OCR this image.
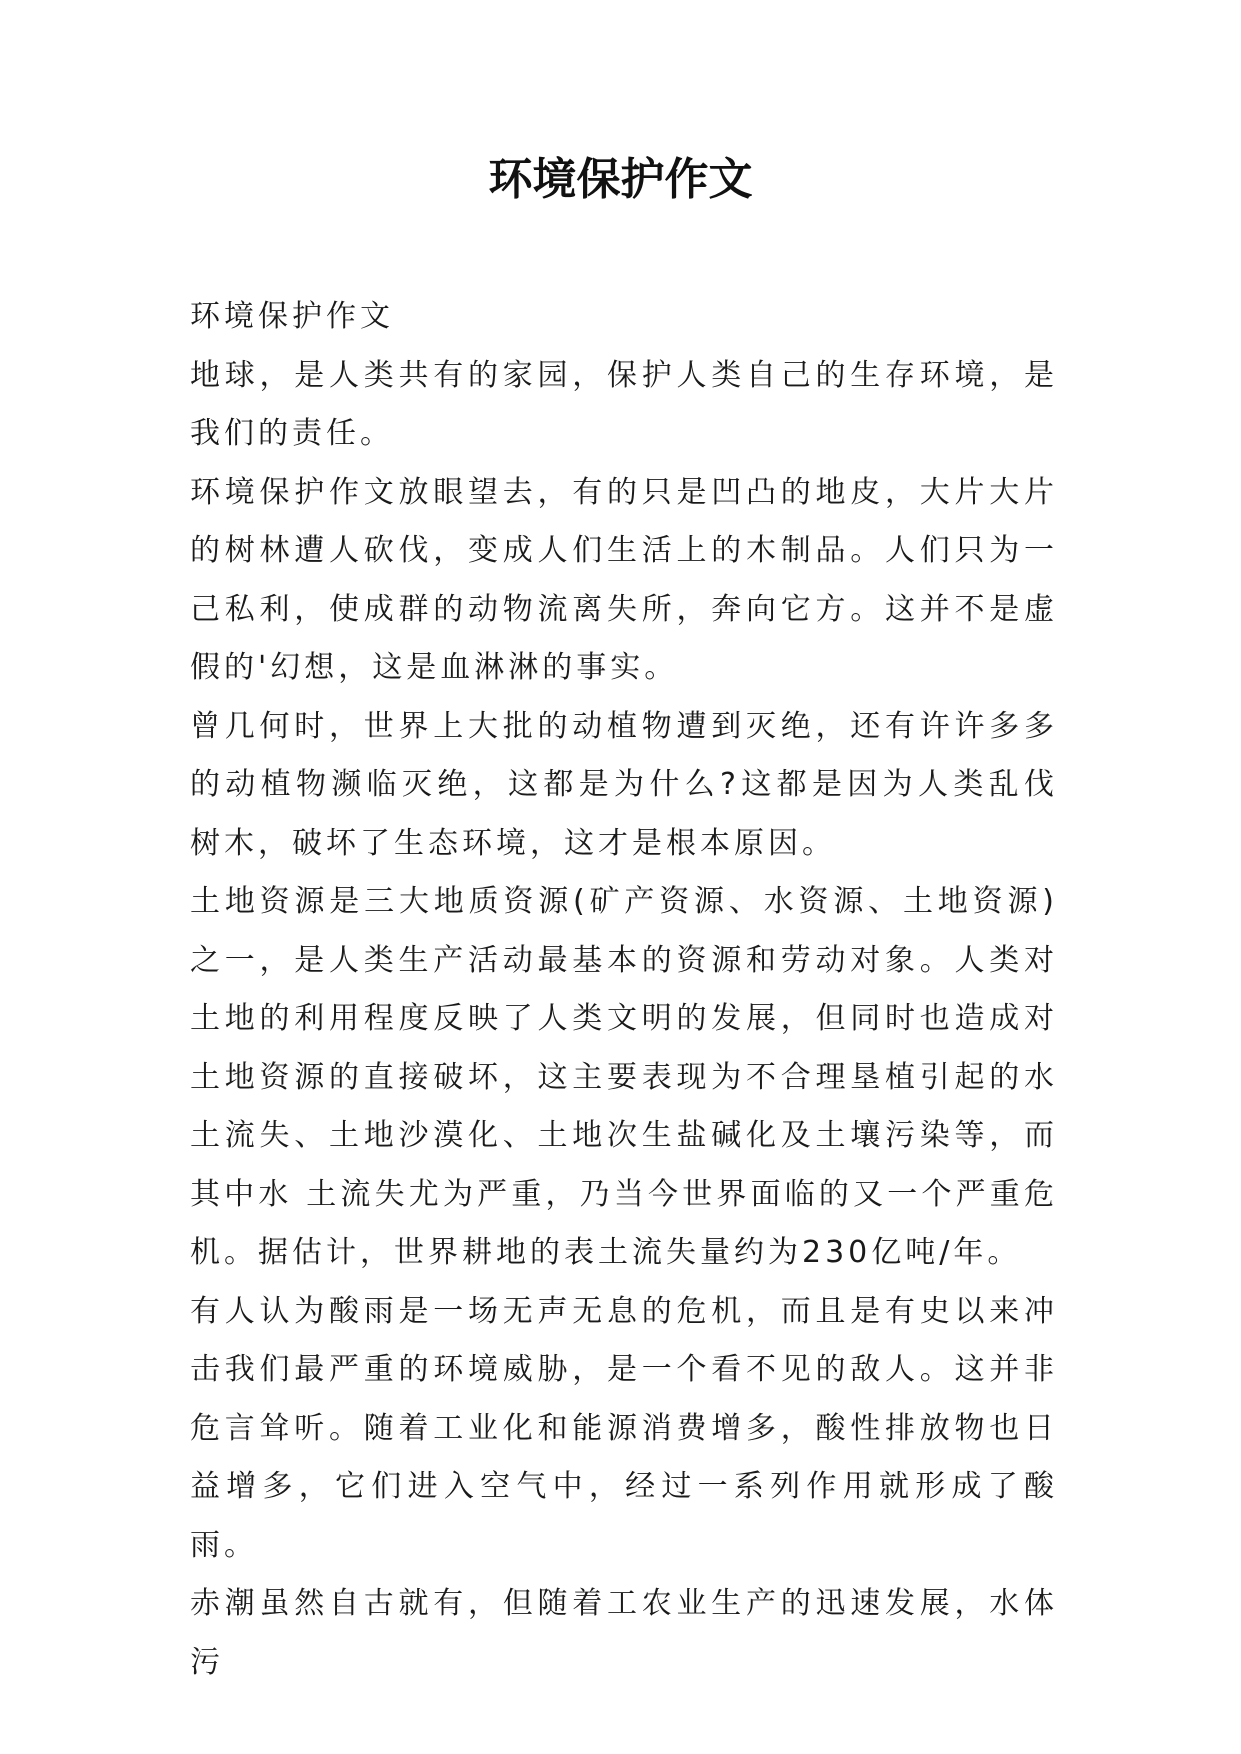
环境保护作文

环境保护作文

地球，是人类共有的家园，保护人类自己的生存环境，是我们的责任。

环境保护作文放眼望去，有的只是凹凸的地皮，大片大片的树林遭人砍伐，变成人们生活上的木制品。人们只为一己私利，使成群的动物流离失所，奔向它方。这并不是虚假的'幻想，这是血淋淋的事实。

曾几何时，世界上大批的动植物遭到灭绝，还有许许多多的动植物濒临灭绝，这都是为什么?这都是因为人类乱伐树木，破坏了生态环境，这才是根本原因。

土地资源是三大地质资源(矿产资源、水资源、土地资源)之一，是人类生产活动最基本的资源和劳动对象。人类对土地的利用程度反映了人类文明的发展，但同时也造成对土地资源的直接破坏，这主要表现为不合理垦植引起的水土流失、土地沙漠化、土地次生盐碱化及土壤污染等，而其中水 土流失尤为严重，乃当今世界面临的又一个严重危机。据估计，世界耕地的表土流失量约为230亿吨/年。

有人认为酸雨是一场无声无息的危机，而且是有史以来冲击我们最严重的环境威胁，是一个看不见的敌人。这并非危言耸听。随着工业化和能源消费增多，酸性排放物也日益增多，它们进入空气中，经过一系列作用就形成了酸雨。

赤潮虽然自古就有，但随着工农业生产的迅速发展，水体污
